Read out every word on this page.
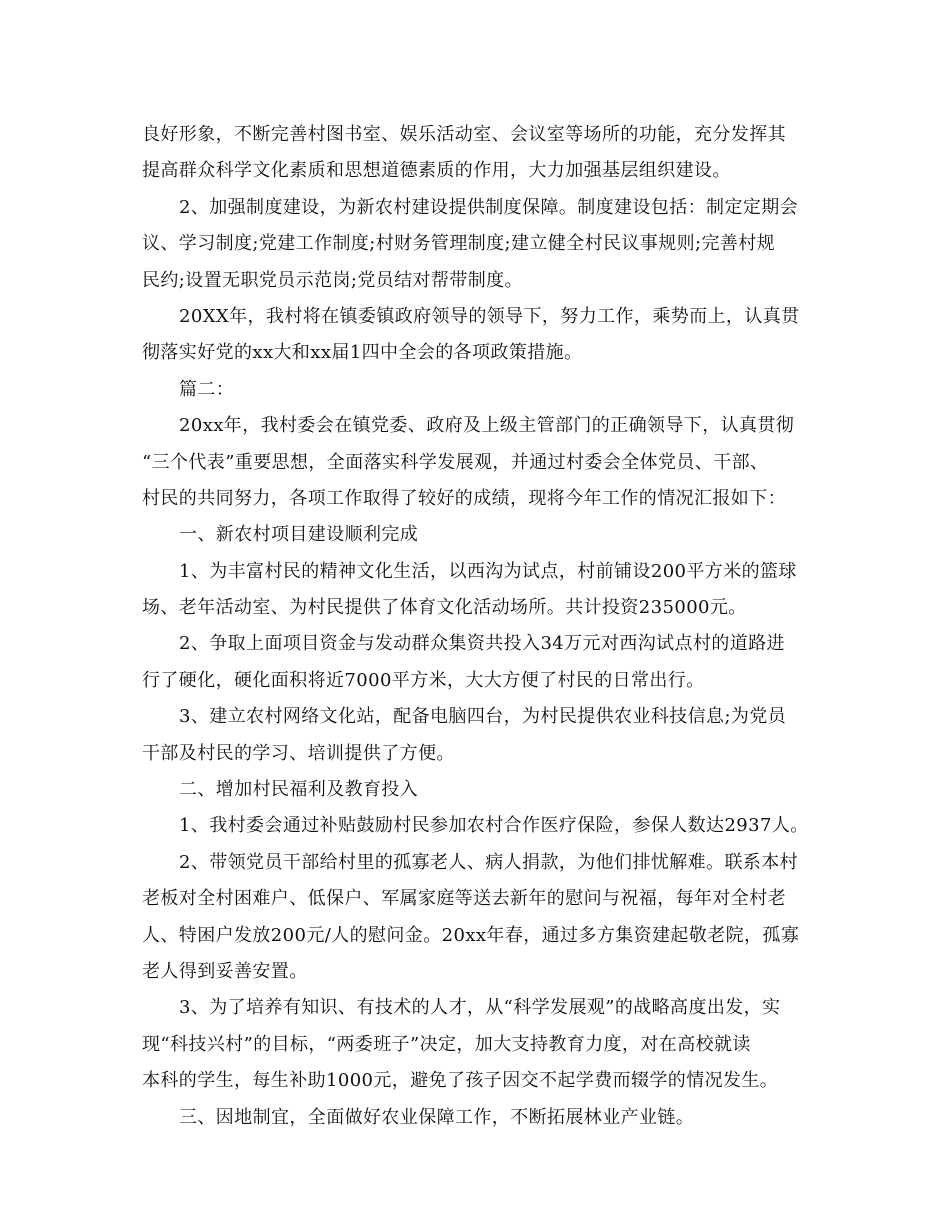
良好形象，不断完善村图书室、娱乐活动室、会议室等场所的功能，充分发挥其
提高群众科学文化素质和思想道德素质的作用，大力加强基层组织建设。
2、加强制度建设，为新农村建设提供制度保障。制度建设包括：制定定期会
议、学习制度;党建工作制度;村财务管理制度;建立健全村民议事规则;完善村规
民约;设置无职党员示范岗;党员结对帮带制度。
20XX年，我村将在镇委镇政府领导的领导下，努力工作，乘势而上，认真贯
彻落实好党的xx大和xx届1四中全会的各项政策措施。
篇二：
20xx年，我村委会在镇党委、政府及上级主管部门的正确领导下，认真贯彻
“三个代表”重要思想，全面落实科学发展观，并通过村委会全体党员、干部、
村民的共同努力，各项工作取得了较好的成绩，现将今年工作的情况汇报如下：
一、新农村项目建设顺利完成
1、为丰富村民的精神文化生活，以西沟为试点，村前铺设200平方米的篮球
场、老年活动室、为村民提供了体育文化活动场所。共计投资235000元。
2、争取上面项目资金与发动群众集资共投入34万元对西沟试点村的道路进
行了硬化，硬化面积将近7000平方米，大大方便了村民的日常出行。
3、建立农村网络文化站，配备电脑四台，为村民提供农业科技信息;为党员
干部及村民的学习、培训提供了方便。
二、增加村民福利及教育投入
1、我村委会通过补贴鼓励村民参加农村合作医疗保险，参保人数达2937人。
2、带领党员干部给村里的孤寡老人、病人捐款，为他们排忧解难。联系本村
老板对全村困难户、低保户、军属家庭等送去新年的慰问与祝福，每年对全村老
人、特困户发放200元/人的慰问金。20xx年春，通过多方集资建起敬老院，孤寡
老人得到妥善安置。
3、为了培养有知识、有技术的人才，从“科学发展观”的战略高度出发，实
现“科技兴村”的目标，“两委班子”决定，加大支持教育力度，对在高校就读
本科的学生，每生补助1000元，避免了孩子因交不起学费而辍学的情况发生。
三、因地制宜，全面做好农业保障工作，不断拓展林业产业链。
